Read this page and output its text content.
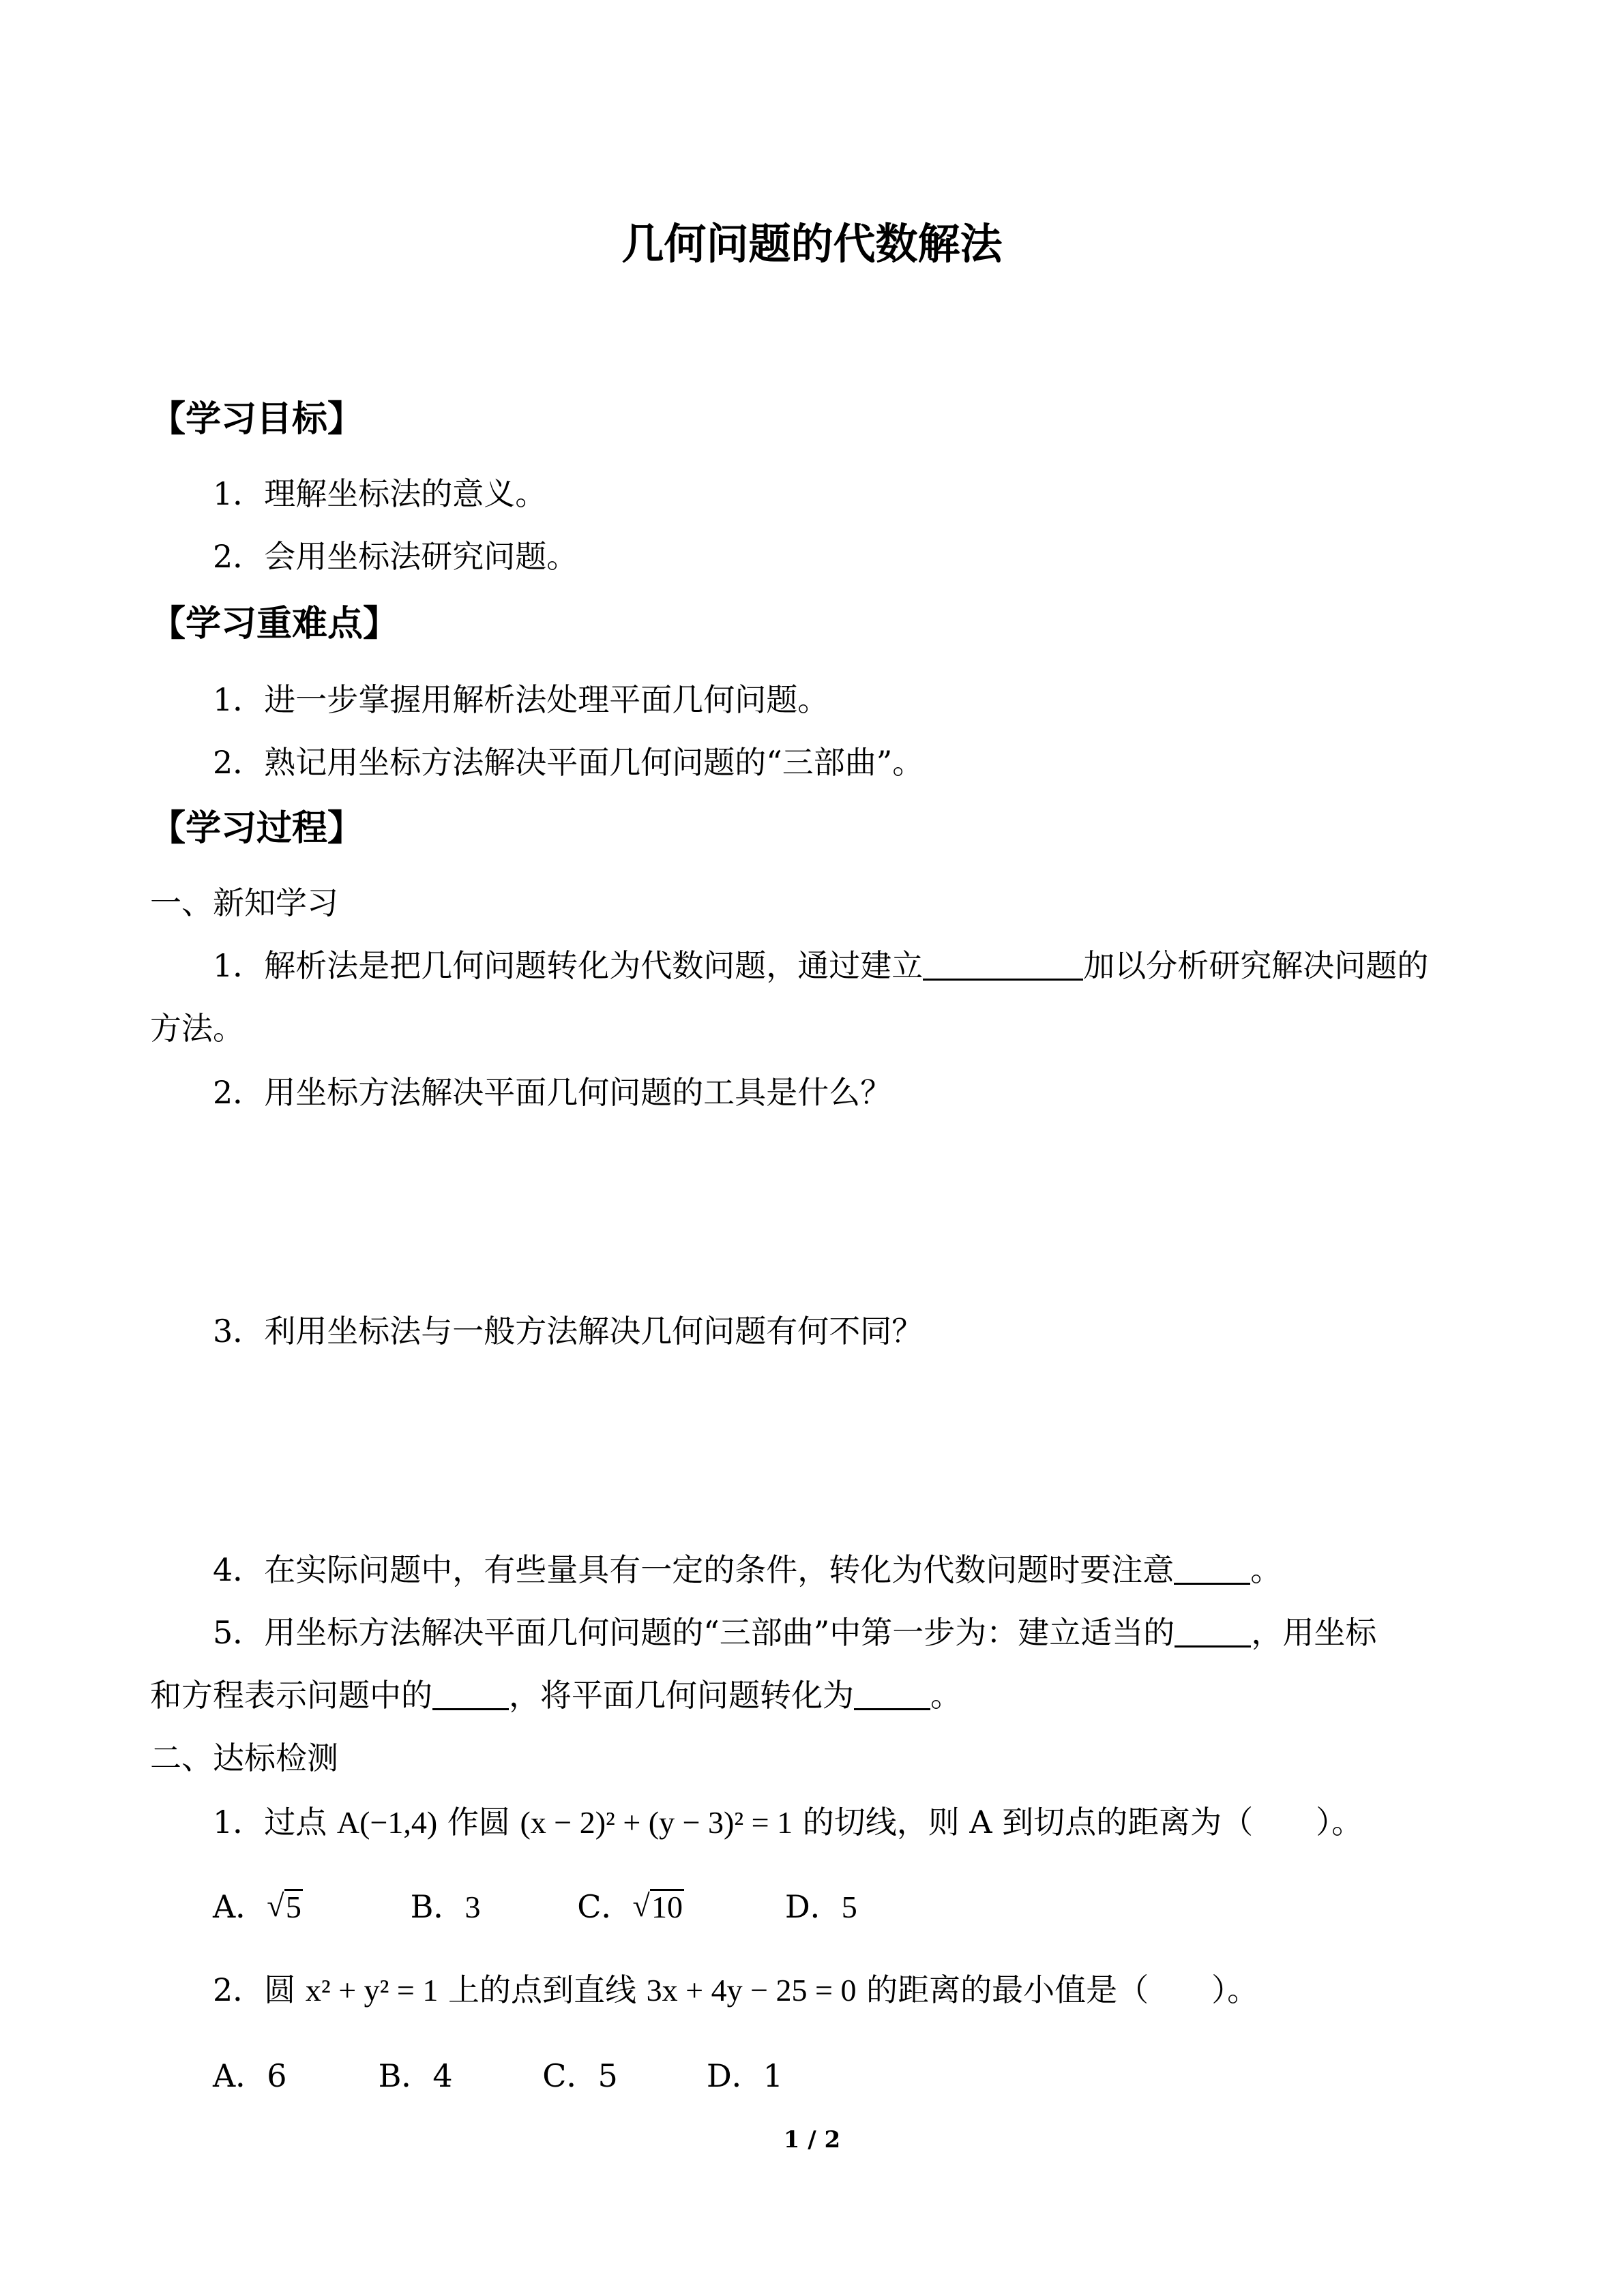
几何问题的代数解法
【学习目标】
1．理解坐标法的意义。
2．会用坐标法研究问题。
【学习重难点】
1．进一步掌握用解析法处理平面几何问题。
2．熟记用坐标方法解决平面几何问题的“三部曲”。
【学习过程】
一、新知学习
1．解析法是把几何问题转化为代数问题，通过建立	加以分析研究解决问题的
方法。
2．用坐标方法解决平面几何问题的工具是什么？
3．利用坐标法与一般方法解决几何问题有何不同？
4．在实际问题中，有些量具有一定的条件，转化为代数问题时要注意 。
5．用坐标方法解决平面几何问题的“三部曲”中第一步为：建立适当的 ，用坐标
和方程表示问题中的 ，将平面几何问题转化为 。
二、达标检测
1．过点 A(−1,4) 作圆 (x − 2)² + (y − 3)² = 1 的切线，则 A 到切点的距离为（　　）。
A． √ 5	B．3	C． √ 10	D．5
2．圆 x² + y² = 1 上的点到直线 3x + 4y − 25 = 0 的距离的最小值是（　　）。
A．6	B．4	C．5	D．1
1 / 2
